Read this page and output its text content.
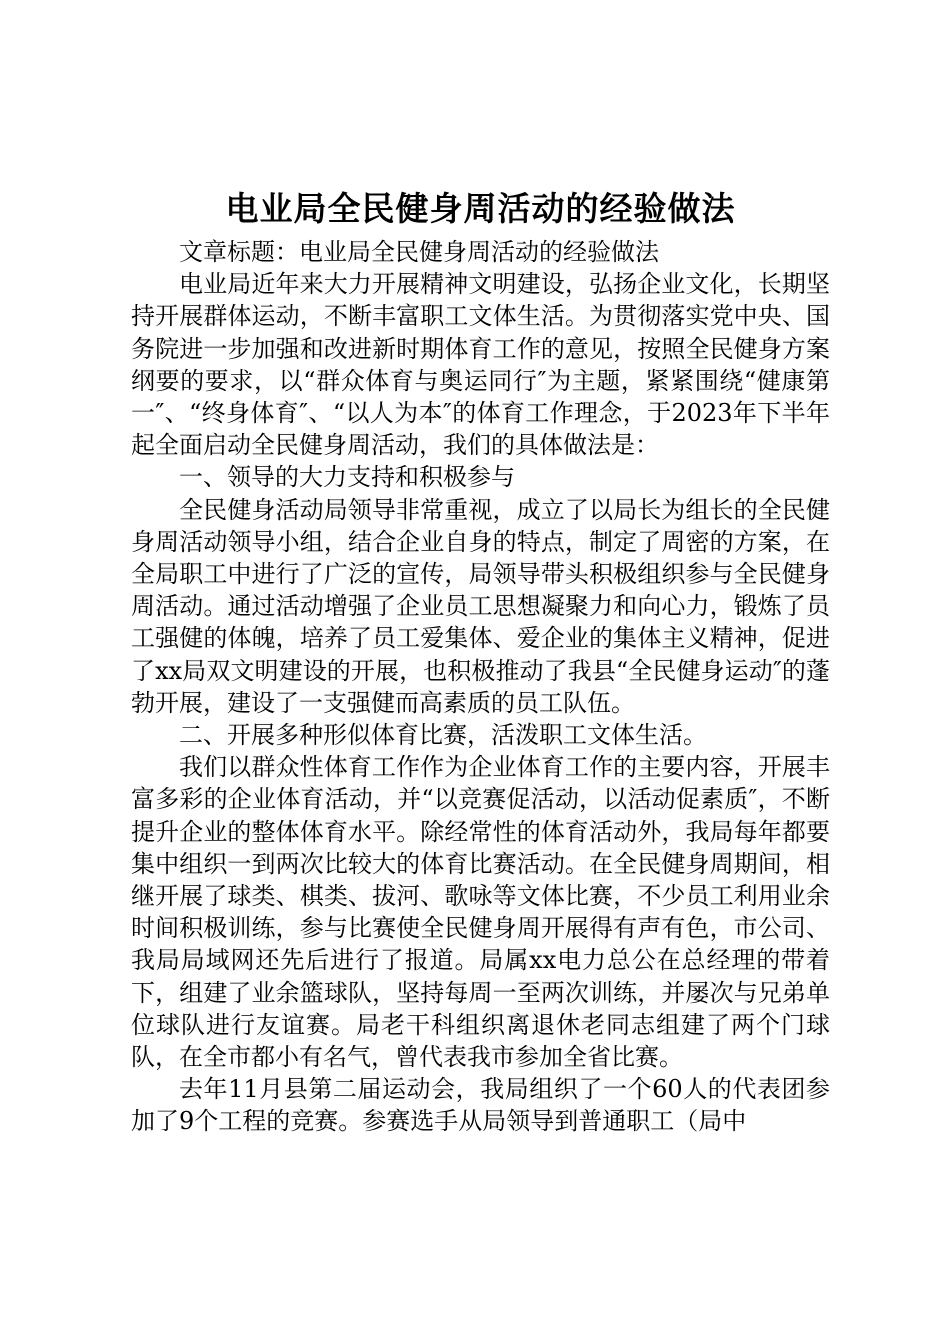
电业局全民健身周活动的经验做法

文章标题：电业局全民健身周活动的经验做法

电业局近年来大力开展精神文明建设，弘扬企业文化，长期坚持开展群体运动，不断丰富职工文体生活。为贯彻落实党中央、国务院进一步加强和改进新时期体育工作的意见，按照全民健身方案纲要的要求，以“群众体育与奥运同行″为主题，紧紧围绕“健康第一″、“终身体育″、“以人为本″的体育工作理念，于2023年下半年起全面启动全民健身周活动，我们的具体做法是：

一、领导的大力支持和积极参与

全民健身活动局领导非常重视，成立了以局长为组长的全民健身周活动领导小组，结合企业自身的特点，制定了周密的方案，在全局职工中进行了广泛的宣传，局领导带头积极组织参与全民健身周活动。通过活动增强了企业员工思想凝聚力和向心力，锻炼了员工强健的体魄，培养了员工爱集体、爱企业的集体主义精神，促进了xx局双文明建设的开展，也积极推动了我县“全民健身运动″的蓬勃开展，建设了一支强健而高素质的员工队伍。

二、开展多种形似体育比赛，活泼职工文体生活。

我们以群众性体育工作作为企业体育工作的主要内容，开展丰富多彩的企业体育活动，并“以竞赛促活动，以活动促素质″，不断提升企业的整体体育水平。除经常性的体育活动外，我局每年都要集中组织一到两次比较大的体育比赛活动。在全民健身周期间，相继开展了球类、棋类、拔河、歌咏等文体比赛，不少员工利用业余时间积极训练，参与比赛使全民健身周开展得有声有色，市公司、我局局域网还先后进行了报道。局属xx电力总公在总经理的带着下，组建了业余篮球队，坚持每周一至两次训练，并屡次与兄弟单位球队进行友谊赛。局老干科组织离退休老同志组建了两个门球队，在全市都小有名气，曾代表我市参加全省比赛。

去年11月县第二届运动会，我局组织了一个60人的代表团参加了9个工程的竞赛。参赛选手从局领导到普通职工（局中
